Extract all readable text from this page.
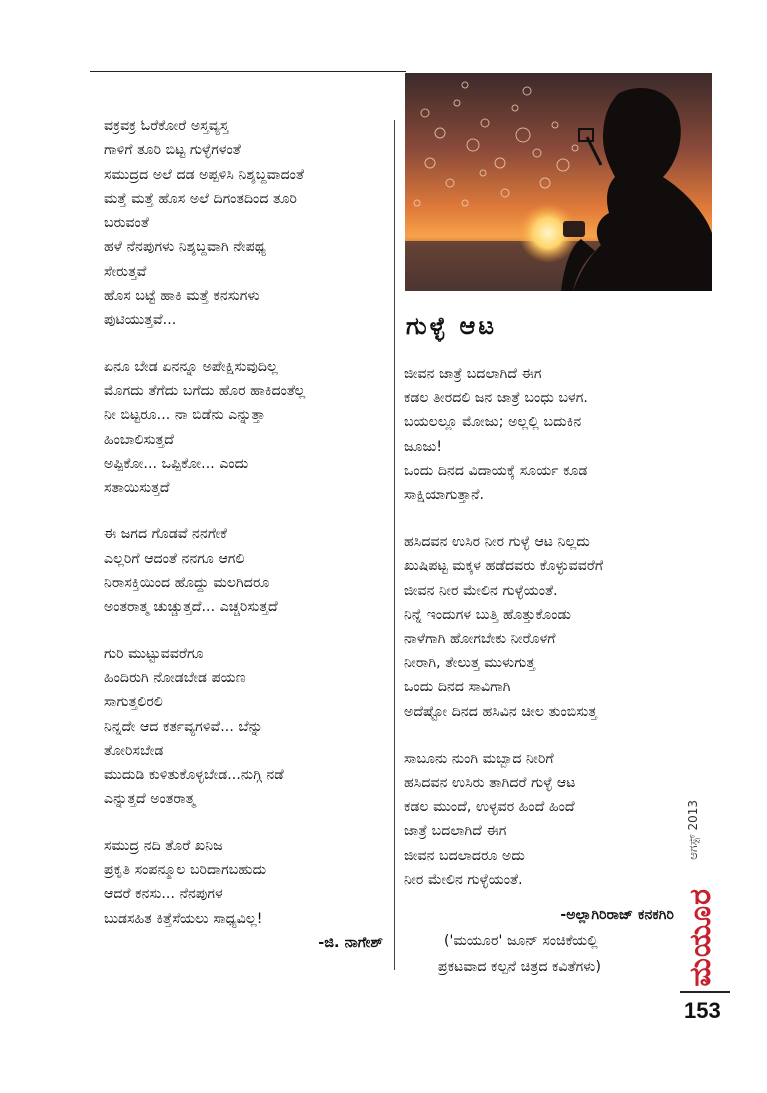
ವಕ್ರವಕ್ರ ಓರೆಕೋರೆ ಅಸ್ತವ್ಯಸ್ತ
ಗಾಳಿಗೆ ತೂರಿ ಬಿಟ್ಟ ಗುಳ್ಳೆಗಳಂತೆ
ಸಮುದ್ರದ ಅಲೆ ದಡ ಅಪ್ಪಳಿಸಿ ನಿಶ್ಶಬ್ದವಾದಂತೆ
ಮತ್ತೆ ಮತ್ತೆ ಹೊಸ ಅಲೆ ದಿಗಂತದಿಂದ ತೂರಿ
ಬರುವಂತೆ
ಹಳೆ ನೆನಪುಗಳು ನಿಶ್ಶಬ್ದವಾಗಿ ನೇಪಥ್ಯ
ಸೇರುತ್ತವೆ
ಹೊಸ ಬಟ್ಟೆ ಹಾಕಿ ಮತ್ತೆ ಕನಸುಗಳು
ಪುಟಿಯುತ್ತವೆ...
ಏನೂ ಬೇಡ ಏನನ್ನೂ ಅಪೇಕ್ಷಿಸುವುದಿಲ್ಲ
ಮೊಗದು ತೆಗೆದು ಬಗೆದು ಹೊರ ಹಾಕಿದಂತೆಲ್ಲ
ನೀ ಬಿಟ್ಟರೂ... ನಾ ಬಿಡೆನು ಎನ್ನುತ್ತಾ
ಹಿಂಬಾಲಿಸುತ್ತದೆ
ಅಪ್ಪಿಕೋ... ಒಪ್ಪಿಕೋ... ಎಂದು
ಸತಾಯಿಸುತ್ತದೆ
ಈ ಜಗದ ಗೊಡವೆ ನನಗೇಕೆ
ಎಲ್ಲರಿಗೆ ಆದಂತೆ ನನಗೂ ಆಗಲಿ
ನಿರಾಸಕ್ತಿಯಿಂದ ಹೊದ್ದು ಮಲಗಿದರೂ
ಅಂತರಾತ್ಮ ಚುಚ್ಚುತ್ತದೆ... ಎಚ್ಚರಿಸುತ್ತದೆ
ಗುರಿ ಮುಟ್ಟುವವರೆಗೂ
ಹಿಂದಿರುಗಿ ನೋಡಬೇಡ ಪಯಣ
ಸಾಗುತ್ತಲಿರಲಿ
ನಿನ್ನದೇ ಆದ ಕರ್ತವ್ಯಗಳಿವೆ... ಬೆನ್ನು
ತೋರಿಸಬೇಡ
ಮುದುಡಿ ಕುಳಿತುಕೊಳ್ಳಬೇಡ...ನುಗ್ಗಿ ನಡೆ
ಎನ್ನುತ್ತದೆ ಅಂತರಾತ್ಮ
ಸಮುದ್ರ ನದಿ ತೊರೆ ಖನಿಜ
ಪ್ರಕೃತಿ ಸಂಪನ್ಮೂಲ ಬರಿದಾಗಬಹುದು
ಆದರೆ ಕನಸು... ನೆನಪುಗಳ
ಬುಡಸಹಿತ ಕಿತ್ತೆಸೆಯಲು ಸಾಧ್ಯವಿಲ್ಲ!
-ಜಿ. ನಾಗೇಶ್
ಗುಳ್ಳೆ ಆಟ
ಜೀವನ ಜಾತ್ರೆ ಬದಲಾಗಿದೆ ಈಗ
ಕಡಲ ತೀರದಲಿ ಜನ ಜಾತ್ರೆ ಬಂಧು ಬಳಗ.
ಬಯಲಲ್ಲೂ ಮೋಜು; ಅಲ್ಲಲ್ಲಿ ಬದುಕಿನ
ಜೂಜು!
ಒಂದು ದಿನದ ವಿದಾಯಕ್ಕೆ ಸೂರ್ಯ ಕೂಡ
ಸಾಕ್ಷಿಯಾಗುತ್ತಾನೆ.
ಹಸಿದವನ ಉಸಿರ ನೀರ ಗುಳ್ಳೆ ಆಟ ನಿಲ್ಲದು
ಖುಷಿಪಟ್ಟ ಮಕ್ಕಳ ಹಡೆದವರು ಕೊಳ್ಳುವವರೆಗೆ
ಜೀವನ ನೀರ ಮೇಲಿನ ಗುಳ್ಳೆಯಂತೆ.
ನಿನ್ನೆ ಇಂದುಗಳ ಬುತ್ತಿ ಹೊತ್ತುಕೊಂಡು
ನಾಳೆಗಾಗಿ ಹೋಗಬೇಕು ನೀರೊಳಗೆ
ನೀರಾಗಿ, ತೇಲುತ್ತ ಮುಳುಗುತ್ತ
ಒಂದು ದಿನದ ಸಾವಿಗಾಗಿ
ಅದೆಷ್ಟೋ ದಿನದ ಹಸಿವಿನ ಚೀಲ ತುಂಬಿಸುತ್ತ
ಸಾಬೂನು ನುಂಗಿ ಮಬ್ಬಾದ ನೀರಿಗೆ
ಹಸಿದವನ ಉಸಿರು ತಾಗಿದರೆ ಗುಳ್ಳೆ ಆಟ
ಕಡಲ ಮುಂದೆ, ಉಳ್ಳವರ ಹಿಂದೆ ಹಿಂದೆ
ಜಾತ್ರೆ ಬದಲಾಗಿದೆ ಈಗ
ಜೀವನ ಬದಲಾದರೂ ಅದು
ನೀರ ಮೇಲಿನ ಗುಳ್ಳೆಯಂತೆ.
-ಅಲ್ಲಾಗಿರಿರಾಜ್ ಕನಕಗಿರಿ
('ಮಯೂರ' ಜೂನ್ ಸಂಚಿಕೆಯಲ್ಲಿ
ಪ್ರಕಟವಾದ ಕಲ್ಪನೆ ಚಿತ್ರದ ಕವಿತೆಗಳು)
ಆಗಸ್ಟ್ 2013
ಮಯೂರ
153
